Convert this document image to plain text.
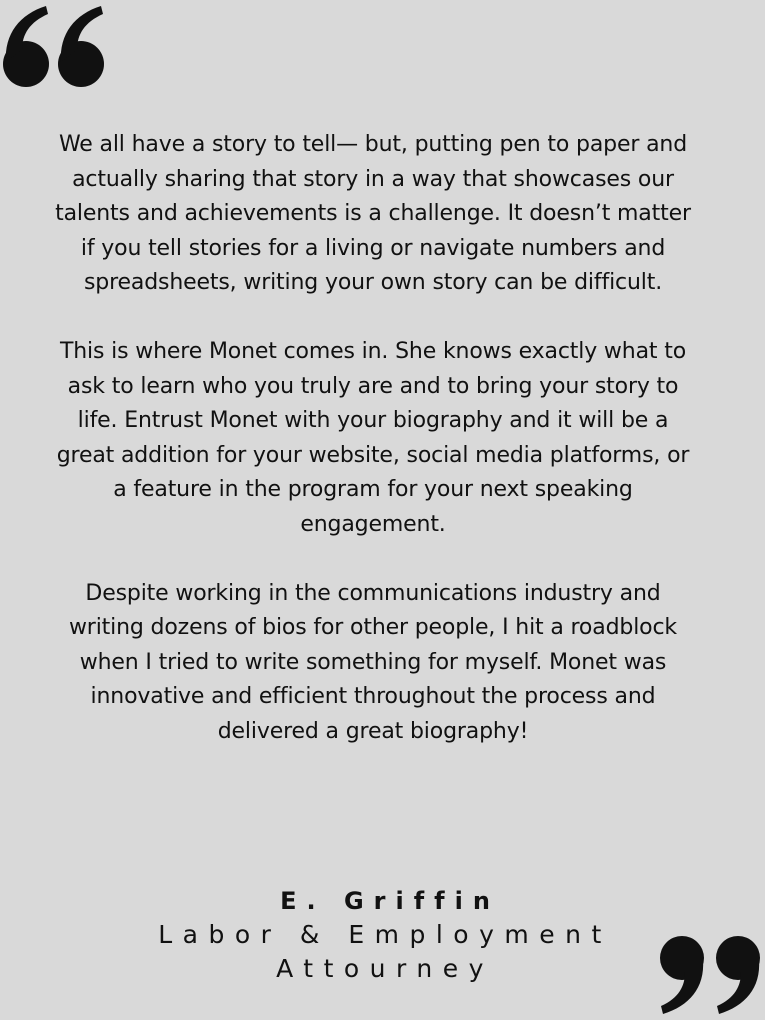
We all have a story to tell— but, putting pen to paper and actually sharing that story in a way that showcases our talents and achievements is a challenge. It doesn’t matter if you tell stories for a living or navigate numbers and spreadsheets, writing your own story can be difficult.

This is where Monet comes in. She knows exactly what to ask to learn who you truly are and to bring your story to life. Entrust Monet with your biography and it will be a great addition for your website, social media platforms, or a feature in the program for your next speaking engagement.

Despite working in the communications industry and writing dozens of bios for other people, I hit a roadblock when I tried to write something for myself. Monet was innovative and efficient throughout the process and delivered a great biography!

E. Griffin
Labor & Employment Attourney
